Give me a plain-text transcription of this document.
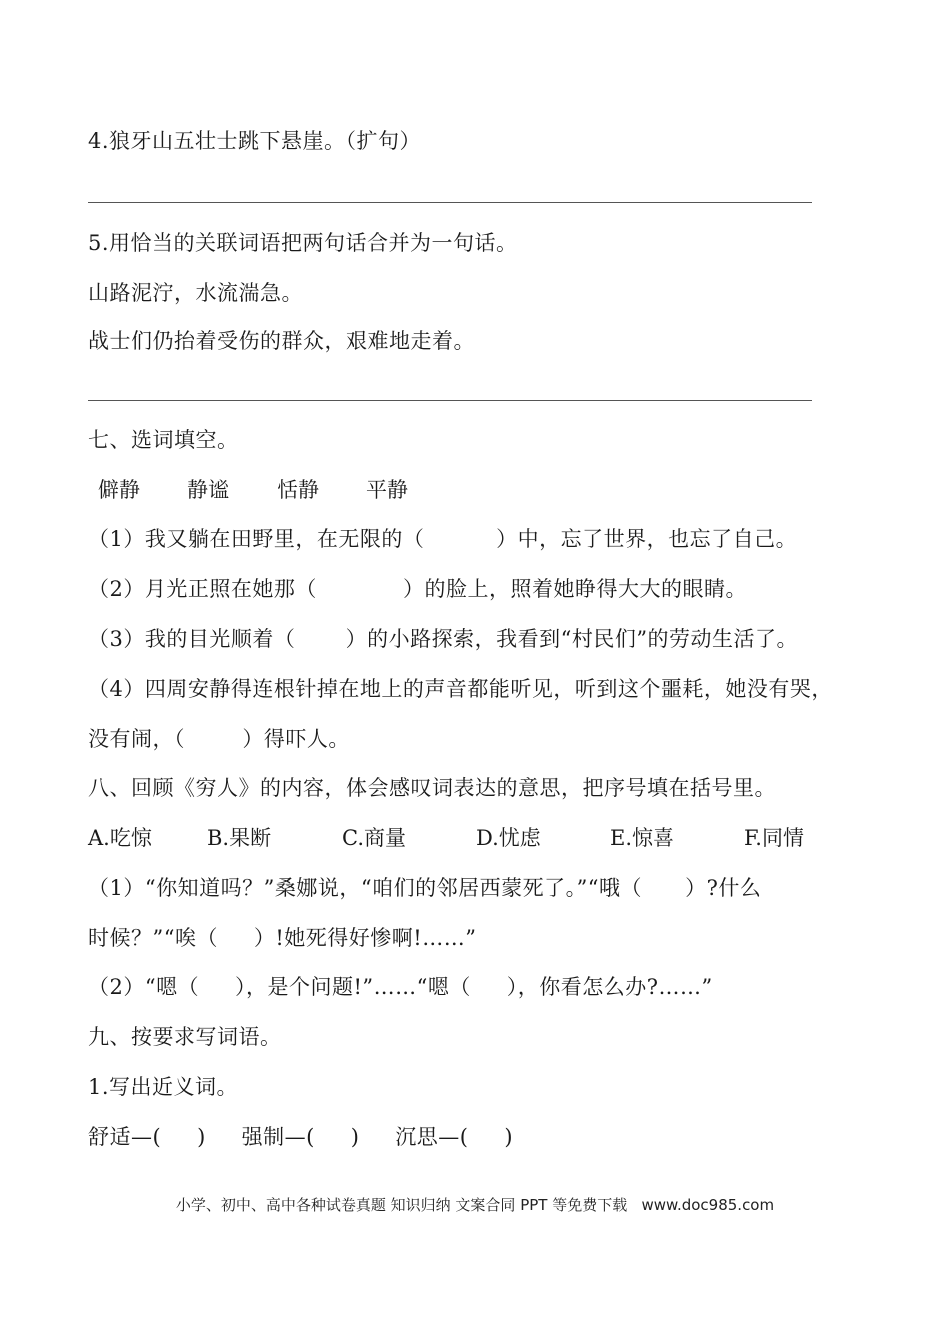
4.狼牙山五壮士跳下悬崖。（扩句）
5.用恰当的关联词语把两句话合并为一句话。
山路泥泞，水流湍急。
战士们仍抬着受伤的群众，艰难地走着。
七、选词填空。
僻静 静谧 恬静 平静
（1）我又躺在田野里，在无限的（          ）中，忘了世界，也忘了自己。
（2）月光正照在她那（            ）的脸上，照着她睁得大大的眼睛。
（3）我的目光顺着（       ）的小路探索，我看到“村民们”的劳动生活了。
（4）四周安静得连根针掉在地上的声音都能听见，听到这个噩耗，她没有哭，
没有闹，（        ）得吓人。
八、回顾《穷人》的内容，体会感叹词表达的意思，把序号填在括号里。
A.吃惊	B.果断	C.商量	D.忧虑	E.惊喜	F.同情
（1）“你知道吗？”桑娜说，“咱们的邻居西蒙死了。”“哦（      ）?什么
时候？”“唉（     ）!她死得好惨啊!……”
（2）“嗯（     ），是个问题!”……“嗯（     ），你看怎么办?……”
九、按要求写词语。
1.写出近义词。
舒适—(     )     强制—(     )     沉思—(     )
小学、初中、高中各种试卷真题 知识归纳 文案合同 PPT 等免费下载   www.doc985.com
